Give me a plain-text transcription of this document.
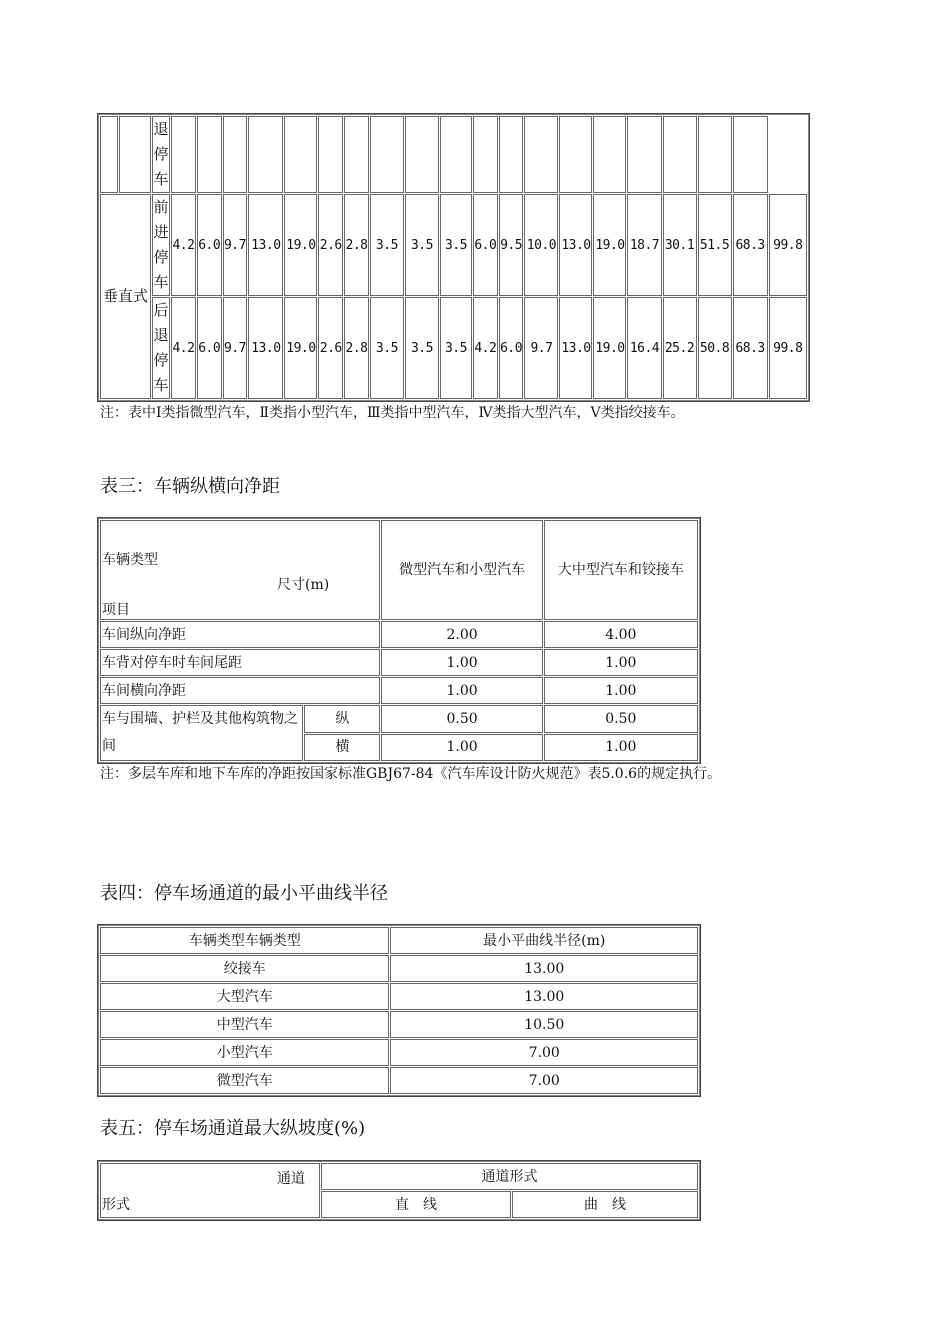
		退停车																				
垂直式		前进停车	4.2	6.0	9.7	13.0	19.0	2.6	2.8	3.5	3.5	3.5	6.0	9.5	10.0	13.0	19.0	18.7	30.1	51.5	68.3	99.8
		后退停车	4.2	6.0	9.7	13.0	19.0	2.6	2.8	3.5	3.5	3.5	4.2	6.0	9.7	13.0	19.0	16.4	25.2	50.8	68.3	99.8
注：表中Ⅰ类指微型汽车，Ⅱ类指小型汽车，Ⅲ类指中型汽车，Ⅳ类指大型汽车，Ⅴ类指绞接车。
表三：车辆纵横向净距
车辆类型
尺寸(m)
项目		微型汽车和小型汽车	大中型汽车和铰接车
车间纵向净距		2.00	4.00
车背对停车时车间尾距		1.00	1.00
车间横向净距		1.00	1.00
车与围墙、护栏及其他构筑物之间	纵	0.50	0.50
	横	1.00	1.00
注：多层车库和地下车库的净距按国家标准GBJ67-84《汽车库设计防火规范》表5.0.6的规定执行。
表四：停车场通道的最小平曲线半径
车辆类型车辆类型	最小平曲线半径(m)
绞接车	13.00
大型汽车	13.00
中型汽车	10.50
小型汽车	7.00
微型汽车	7.00
表五：停车场通道最大纵坡度(%)
通道
形式	通道形式	
	直　线	曲　线
